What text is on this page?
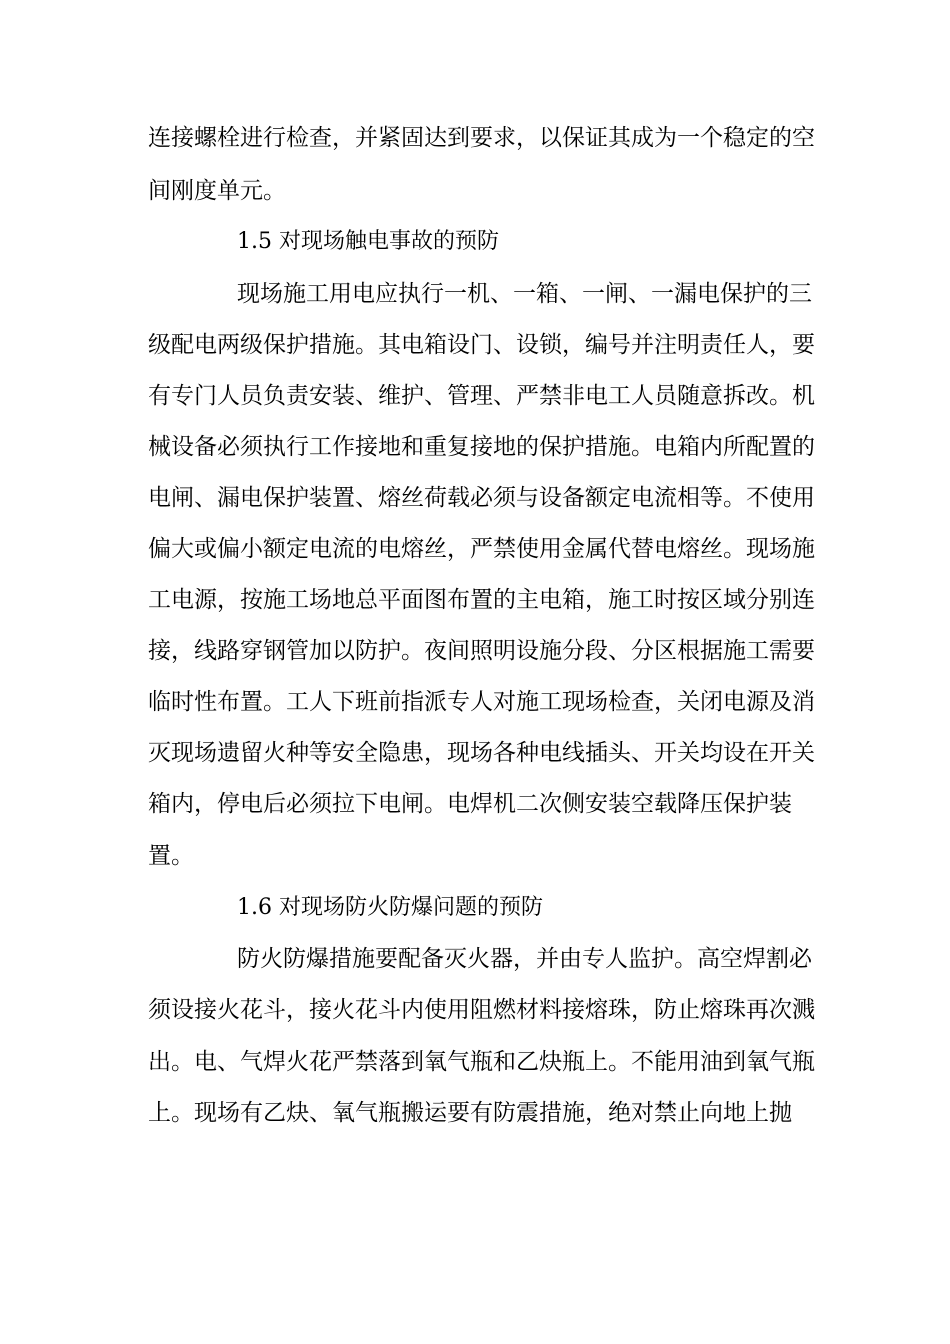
连接螺栓进行检查，并紧固达到要求，以保证其成为一个稳定的空
间刚度单元。
1.5 对现场触电事故的预防
现场施工用电应执行一机、一箱、一闸、一漏电保护的三
级配电两级保护措施。其电箱设门、设锁，编号并注明责任人，要
有专门人员负责安装、维护、管理、严禁非电工人员随意拆改。机
械设备必须执行工作接地和重复接地的保护措施。电箱内所配置的
电闸、漏电保护装置、熔丝荷载必须与设备额定电流相等。不使用
偏大或偏小额定电流的电熔丝，严禁使用金属代替电熔丝。现场施
工电源，按施工场地总平面图布置的主电箱，施工时按区域分别连
接，线路穿钢管加以防护。夜间照明设施分段、分区根据施工需要
临时性布置。工人下班前指派专人对施工现场检查，关闭电源及消
灭现场遗留火种等安全隐患，现场各种电线插头、开关均设在开关
箱内，停电后必须拉下电闸。电焊机二次侧安装空载降压保护装
置。
1.6 对现场防火防爆问题的预防
防火防爆措施要配备灭火器，并由专人监护。高空焊割必
须设接火花斗，接火花斗内使用阻燃材料接熔珠，防止熔珠再次溅
出。电、气焊火花严禁落到氧气瓶和乙炔瓶上。不能用油到氧气瓶
上。现场有乙炔、氧气瓶搬运要有防震措施，绝对禁止向地上抛
